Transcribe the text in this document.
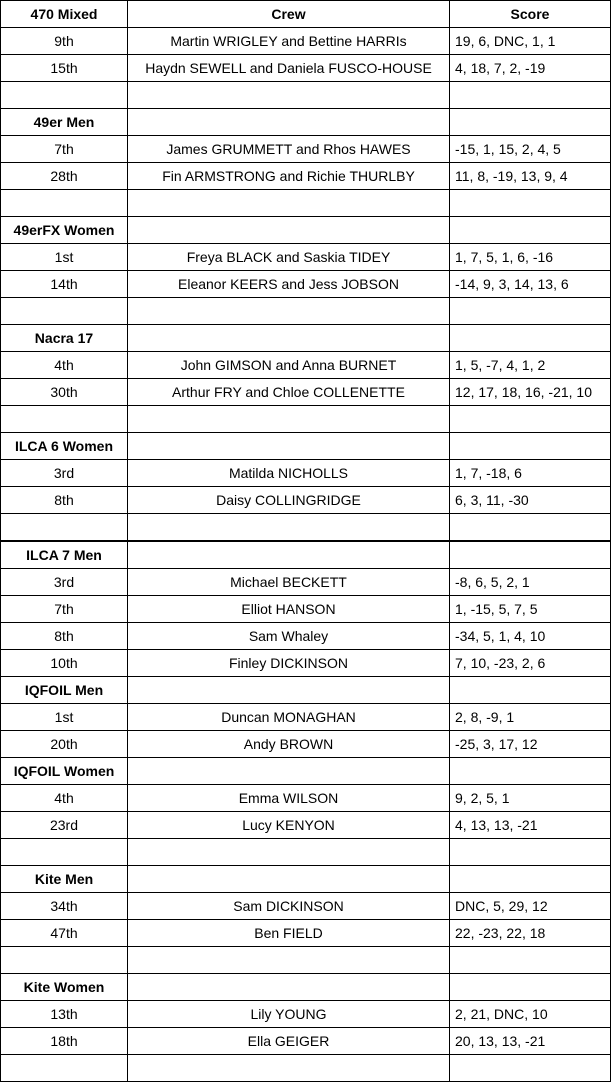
470 Mixed	Crew	Score
9th	Martin WRIGLEY and Bettine HARRIs	19, 6, DNC, 1, 1
15th	Haydn SEWELL and Daniela FUSCO-HOUSE	4, 18, 7, 2, -19

49er Men		
7th	James GRUMMETT and Rhos HAWES	-15, 1, 15, 2, 4, 5
28th	Fin ARMSTRONG and Richie THURLBY	11, 8, -19, 13, 9, 4

49erFX Women		
1st	Freya BLACK and Saskia TIDEY	1, 7, 5, 1, 6, -16
14th	Eleanor KEERS and Jess JOBSON	-14, 9, 3, 14, 13, 6

Nacra 17		
4th	John GIMSON and Anna BURNET	1, 5, -7, 4, 1, 2
30th	Arthur FRY and Chloe COLLENETTE	12, 17, 18, 16, -21, 10

ILCA 6 Women		
3rd	Matilda NICHOLLS	1, 7, -18, 6
8th	Daisy COLLINGRIDGE	6, 3, 11, -30

ILCA 7 Men		
3rd	Michael BECKETT	-8, 6, 5, 2, 1
7th	Elliot HANSON	1, -15, 5, 7, 5
8th	Sam Whaley	-34, 5, 1, 4, 10
10th	Finley DICKINSON	7, 10, -23, 2, 6
IQFOIL Men		
1st	Duncan MONAGHAN	2, 8, -9, 1
20th	Andy BROWN	-25, 3, 17, 12
IQFOIL Women		
4th	Emma WILSON	9, 2, 5, 1
23rd	Lucy KENYON	4, 13, 13, -21

Kite Men		
34th	Sam DICKINSON	DNC, 5, 29, 12
47th	Ben FIELD	22, -23, 22, 18

Kite Women		
13th	Lily YOUNG	2, 21, DNC, 10
18th	Ella GEIGER	20, 13, 13, -21
